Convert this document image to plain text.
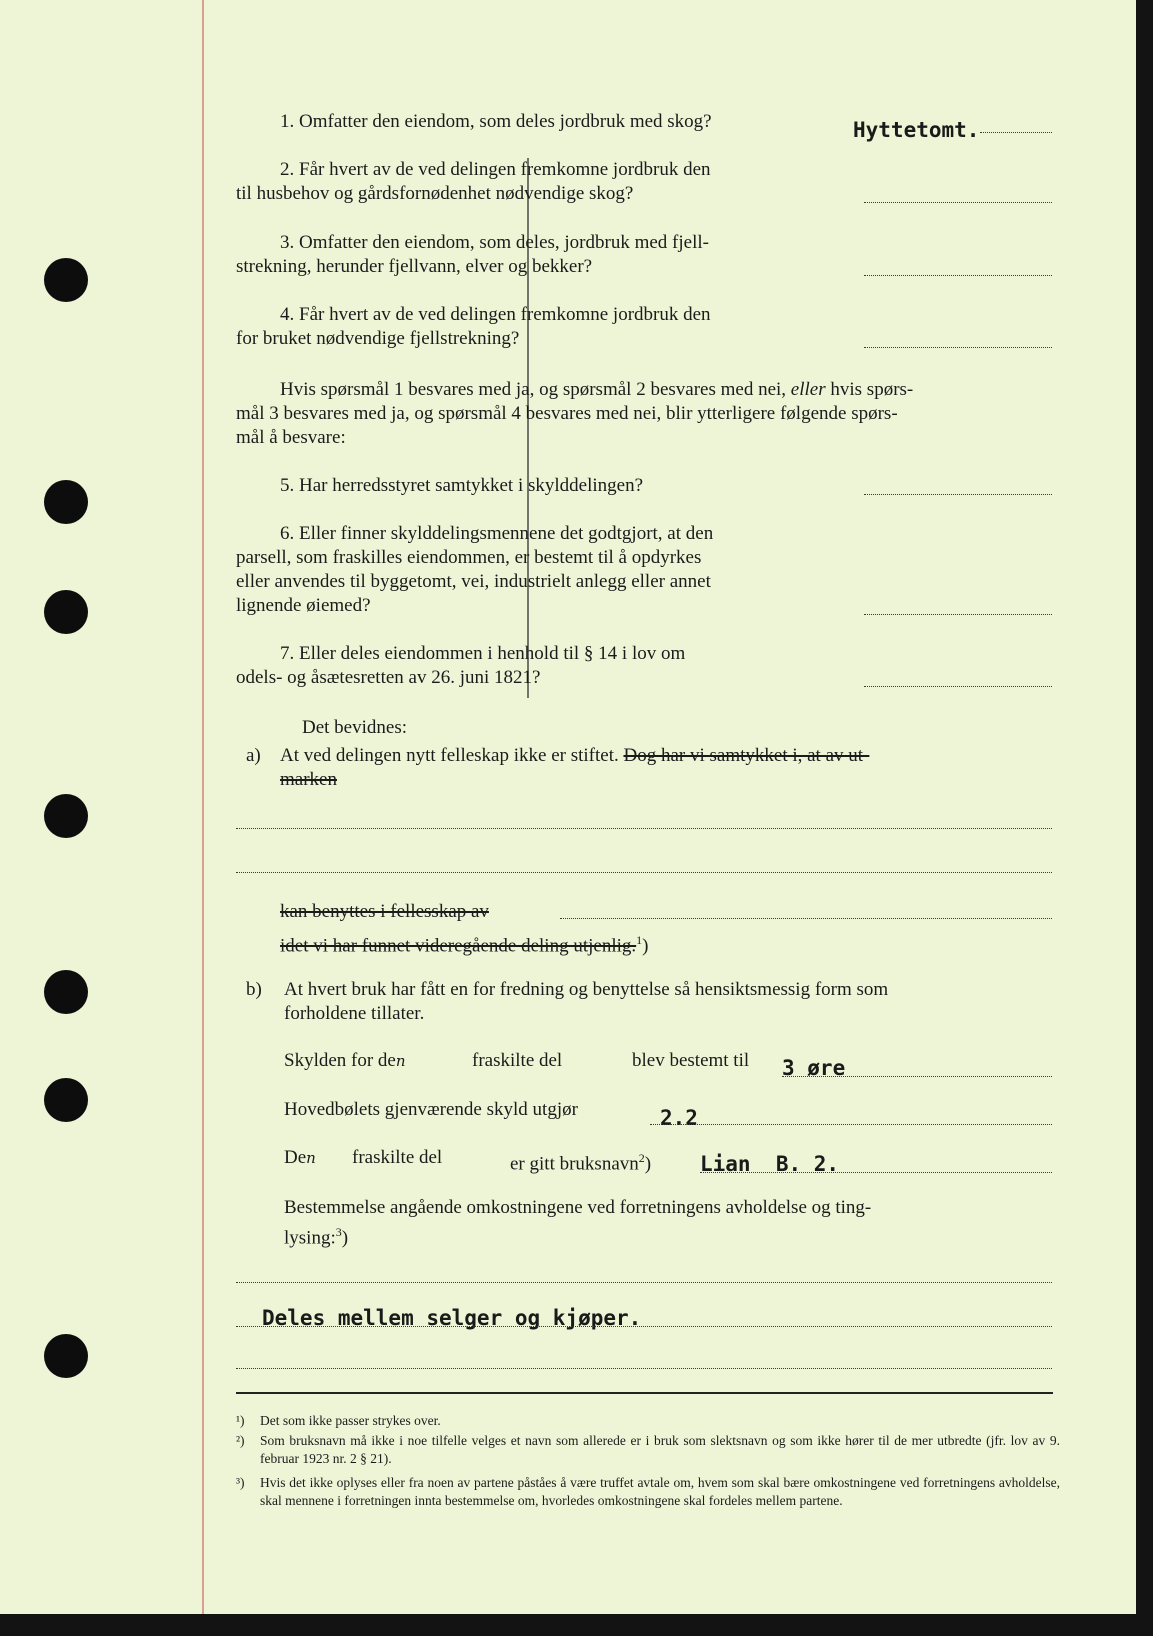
1. Omfatter den eiendom, som deles jordbruk med skog?	Hyttetomt.
2. Får hvert av de ved delingen fremkomne jordbruk den
til husbehov og gårdsfornødenhet nødvendige skog?
3. Omfatter den eiendom, som deles, jordbruk med fjell-
strekning, herunder fjellvann, elver og bekker?
4. Får hvert av de ved delingen fremkomne jordbruk den
for bruket nødvendige fjellstrekning?
Hvis spørsmål 1 besvares med ja, og spørsmål 2 besvares med nei, eller hvis spørs-
mål 3 besvares med ja, og spørsmål 4 besvares med nei, blir ytterligere følgende spørs-
mål å besvare:
5. Har herredsstyret samtykket i skylddelingen?
6. Eller finner skylddelingsmennene det godtgjort, at den
parsell, som fraskilles eiendommen, er bestemt til å opdyrkes
eller anvendes til byggetomt, vei, industrielt anlegg eller annet
lignende øiemed?
7. Eller deles eiendommen i henhold til § 14 i lov om
odels- og åsætesretten av 26. juni 1821?
Det bevidnes:
a) At ved delingen nytt felleskap ikke er stiftet. Dog har vi samtykket i, at av ut-
marken
kan benyttes i fellesskap av
idet vi har funnet videregående deling utjenlig.$^1$)
b) At hvert bruk har fått en for fredning og benyttelse så hensiktsmessig form som
forholdene tillater.
Skylden for den	fraskilte del	blev bestemt til 3 øre
Hovedbølets gjenværende skyld utgjør	2.2
Den fraskilte del	er gitt bruksnavn$^2$) Lian  B. 2.
Bestemmelse angående omkostningene ved forretningens avholdelse og ting-
lysing:$^3$)
Deles mellem selger og kjøper.
¹) Det som ikke passer strykes over.
²) Som bruksnavn må ikke i noe tilfelle velges et navn som allerede er i bruk som slektsnavn og som ikke hører til de mer utbredte (jfr. lov av 9. februar 1923 nr. 2 § 21).
³) Hvis det ikke oplyses eller fra noen av partene påståes å være truffet avtale om, hvem som skal bære omkostningene ved forretningens avholdelse, skal mennene i forretningen innta bestemmelse om, hvorledes omkostningene skal fordeles mellem partene.
